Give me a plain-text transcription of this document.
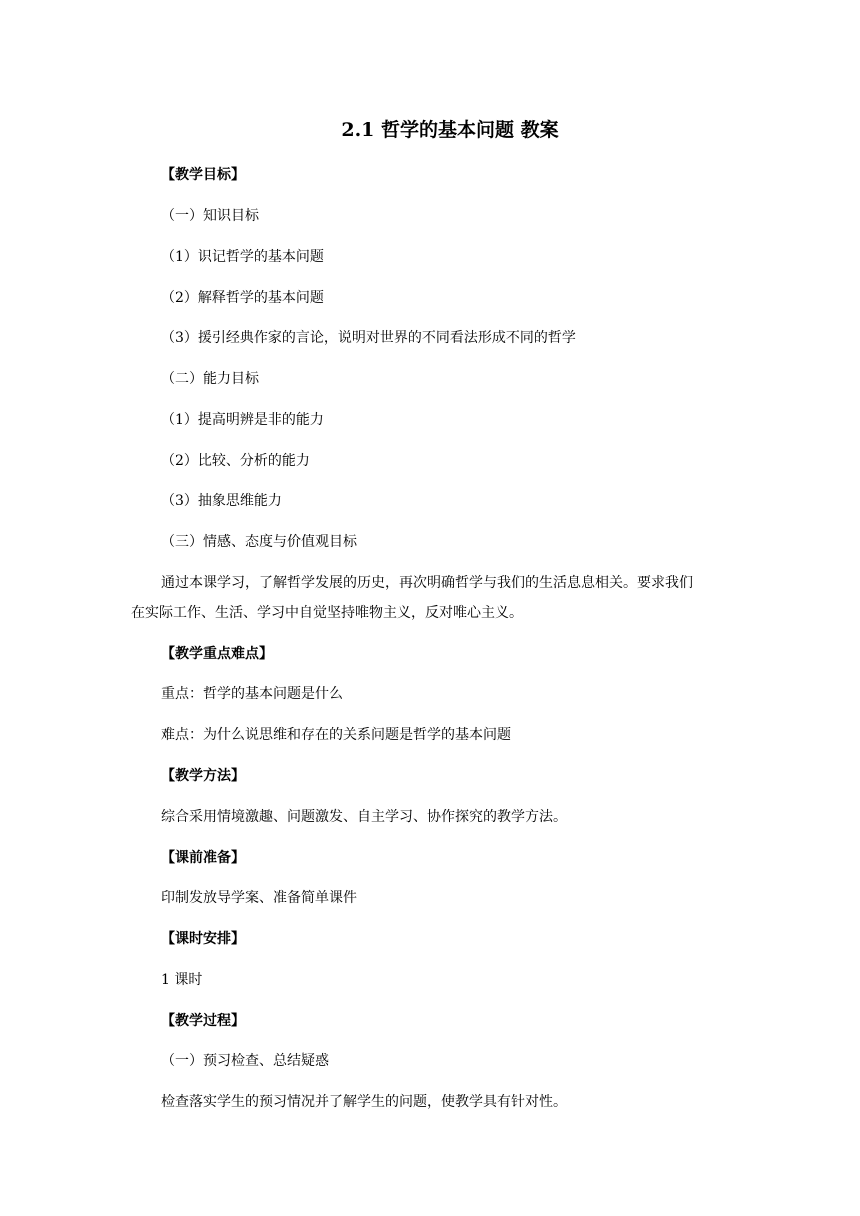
2.1 哲学的基本问题 教案
【教学目标】
（一）知识目标
（1）识记哲学的基本问题
（2）解释哲学的基本问题
（3）援引经典作家的言论，说明对世界的不同看法形成不同的哲学
（二）能力目标
（1）提高明辨是非的能力
（2）比较、分析的能力
（3）抽象思维能力
（三）情感、态度与价值观目标
通过本课学习，了解哲学发展的历史，再次明确哲学与我们的生活息息相关。要求我们
在实际工作、生活、学习中自觉坚持唯物主义，反对唯心主义。
【教学重点难点】
重点：哲学的基本问题是什么
难点：为什么说思维和存在的关系问题是哲学的基本问题
【教学方法】
综合采用情境激趣、问题激发、自主学习、协作探究的教学方法。
【课前准备】
印制发放导学案、准备简单课件
【课时安排】
1 课时
【教学过程】
（一）预习检查、总结疑惑
检查落实学生的预习情况并了解学生的问题，使教学具有针对性。
